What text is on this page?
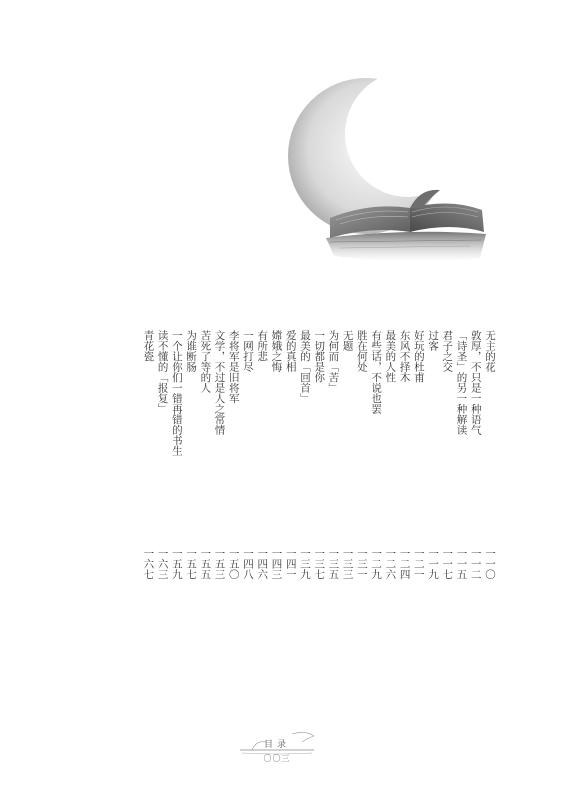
无主的花
一一〇
敦厚，不只是一种语气
一一二
「诗圣」的另一种解读
一一五
君子之交
一一七
过客
一一九
好玩的杜甫
一二一
东风不择木
一二四
最美的人性
一二六
有些话，不说也罢
一二九
胜在何处
一三一
无题
一三三
为何而「苦」
一三五
一切都是你
一三七
最美的「回首」
一三九
爱的真相
一四一
嫦娥之悔
一四三
有所悲
一四六
一网打尽
一四八
李将军是旧将军
一五〇
文学，不过是人之常情
一五三
苦死了等的人
一五五
为谁断肠
一五七
一个让你们一错再错的书生
一五九
读不懂的「报复」
一六三
青花瓷
一六七
目录
〇〇三
